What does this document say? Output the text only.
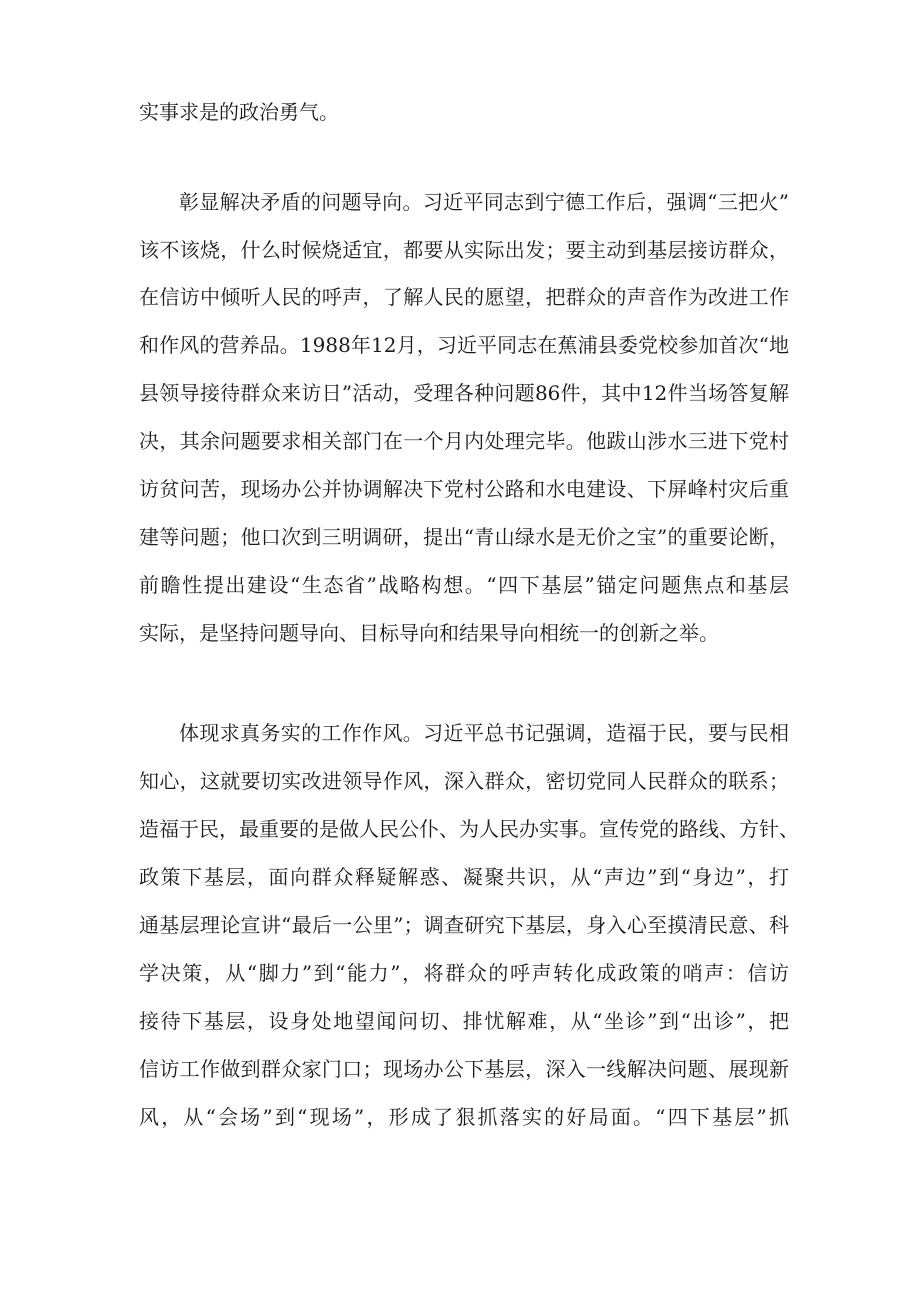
实事求是的政治勇气。

彰显解决矛盾的问题导向。习近平同志到宁德工作后，强调“三把火”

该不该烧，什么时候烧适宜，都要从实际出发；要主动到基层接访群众，

在信访中倾听人民的呼声，了解人民的愿望，把群众的声音作为改进工作

和作风的营养品。1988年12月，习近平同志在蕉浦县委党校参加首次“地

县领导接待群众来访日”活动，受理各种问题86件，其中12件当场答复解

决，其余问题要求相关部门在一个月内处理完毕。他跋山涉水三进下党村

访贫问苦，现场办公并协调解决下党村公路和水电建设、下屏峰村灾后重

建等问题；他口次到三明调研，提出“青山绿水是无价之宝”的重要论断，

前瞻性提出建设“生态省”战略构想。“四下基层”锚定问题焦点和基层

实际，是坚持问题导向、目标导向和结果导向相统一的创新之举。

体现求真务实的工作作风。习近平总书记强调，造福于民，要与民相

知心，这就要切实改进领导作风，深入群众，密切党同人民群众的联系；

造福于民，最重要的是做人民公仆、为人民办实事。宣传党的路线、方针、

政策下基层，面向群众释疑解惑、凝聚共识，从“声边”到“身边”，打

通基层理论宣讲“最后一公里”；调查研究下基层，身入心至摸清民意、科

学决策，从“脚力”到“能力”，将群众的呼声转化成政策的哨声：信访

接待下基层，设身处地望闻问切、排忧解难，从“坐诊”到“出诊”，把

信访工作做到群众家门口；现场办公下基层，深入一线解决问题、展现新

风，从“会场”到“现场”，形成了狠抓落实的好局面。“四下基层”抓
